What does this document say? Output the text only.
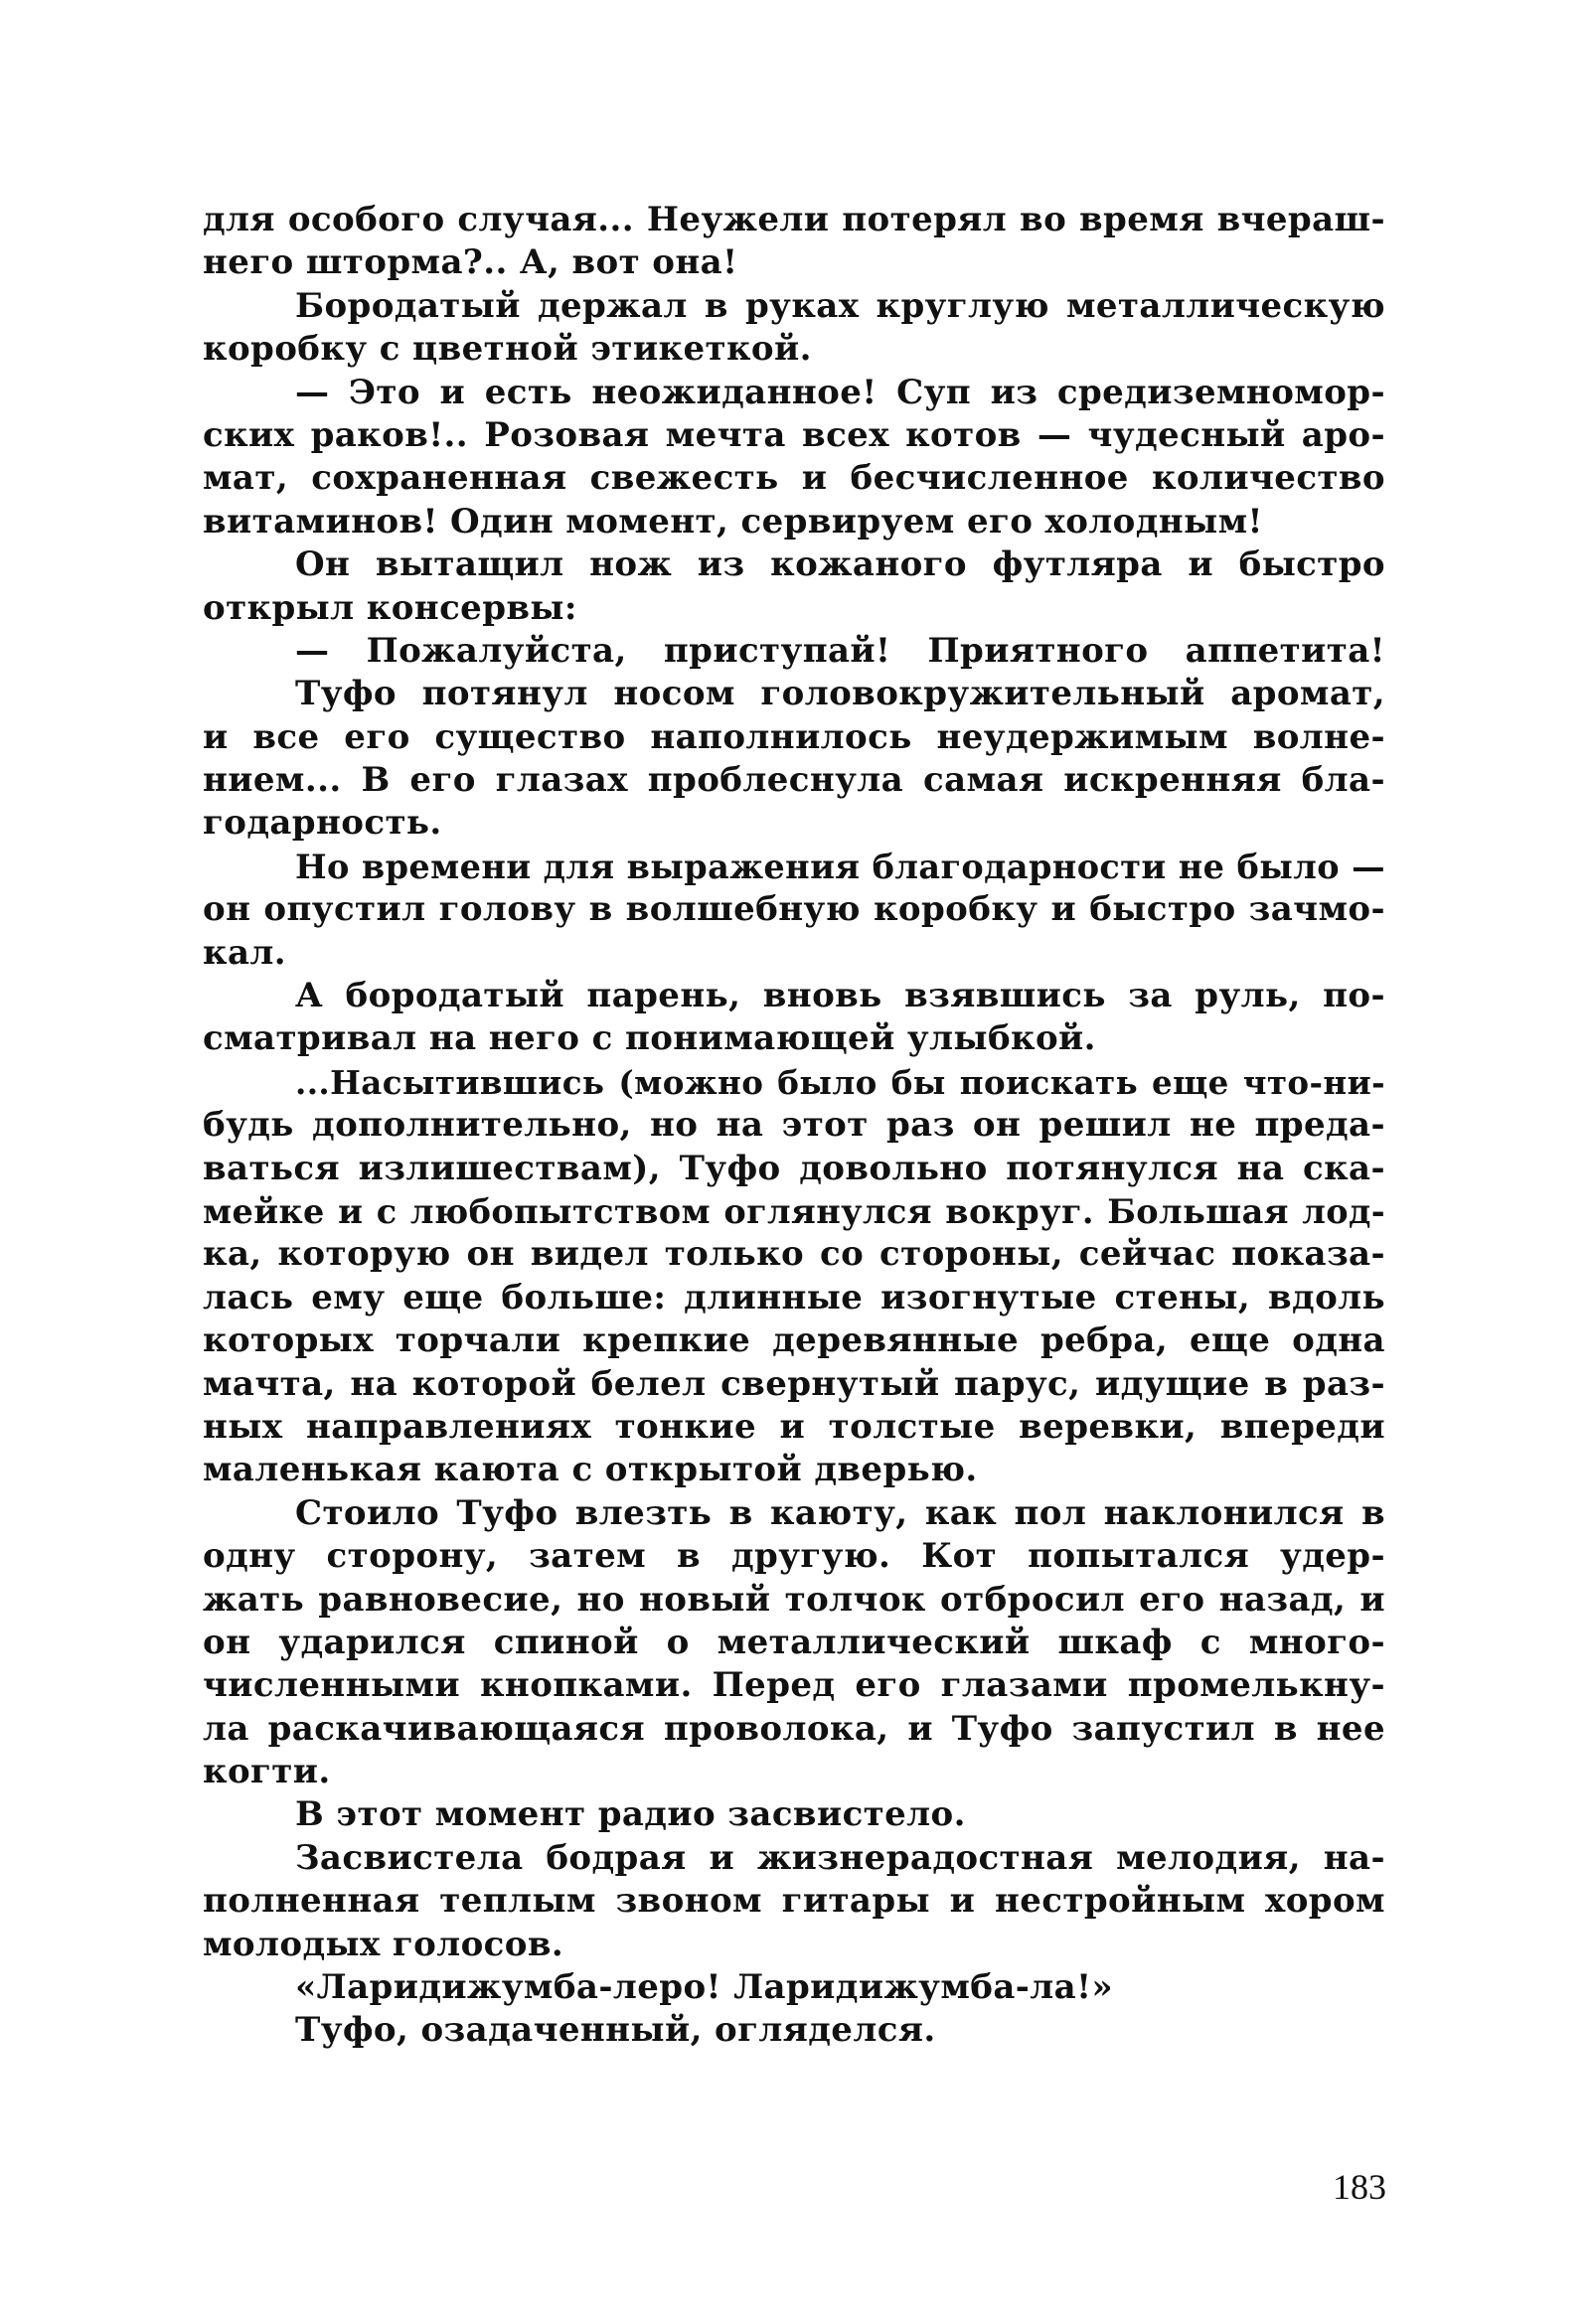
для особого случая... Неужели потерял во время вчераш-
него шторма?.. А, вот она!
Бородатый держал в руках круглую металлическую
коробку с цветной этикеткой.
— Это и есть неожиданное! Суп из средиземномор-
ских раков!.. Розовая мечта всех котов — чудесный аро-
мат, сохраненная свежесть и бесчисленное количество
витаминов! Один момент, сервируем его холодным!
Он вытащил нож из кожаного футляра и быстро
открыл консервы:
— Пожалуйста, приступай! Приятного аппетита!
Туфо потянул носом головокружительный аромат,
и все его существо наполнилось неудержимым волне-
нием... В его глазах проблеснула самая искренняя бла-
годарность.
Но времени для выражения благодарности не было —
он опустил голову в волшебную коробку и быстро зачмо-
кал.
А бородатый парень, вновь взявшись за руль, по-
сматривал на него с понимающей улыбкой.
...Насытившись (можно было бы поискать еще что-ни-
будь дополнительно, но на этот раз он решил не преда-
ваться излишествам), Туфо довольно потянулся на ска-
мейке и с любопытством оглянулся вокруг. Большая лод-
ка, которую он видел только со стороны, сейчас показа-
лась ему еще больше: длинные изогнутые стены, вдоль
которых торчали крепкие деревянные ребра, еще одна
мачта, на которой белел свернутый парус, идущие в раз-
ных направлениях тонкие и толстые веревки, впереди
маленькая каюта с открытой дверью.
Стоило Туфо влезть в каюту, как пол наклонился в
одну сторону, затем в другую. Кот попытался удер-
жать равновесие, но новый толчок отбросил его назад, и
он ударился спиной о металлический шкаф с много-
численными кнопками. Перед его глазами промелькну-
ла раскачивающаяся проволока, и Туфо запустил в нее
когти.
В этот момент радио засвистело.
Засвистела бодрая и жизнерадостная мелодия, на-
полненная теплым звоном гитары и нестройным хором
молодых голосов.
«Ларидижумба-леро! Ларидижумба-ла!»
Туфо, озадаченный, огляделся.
183
